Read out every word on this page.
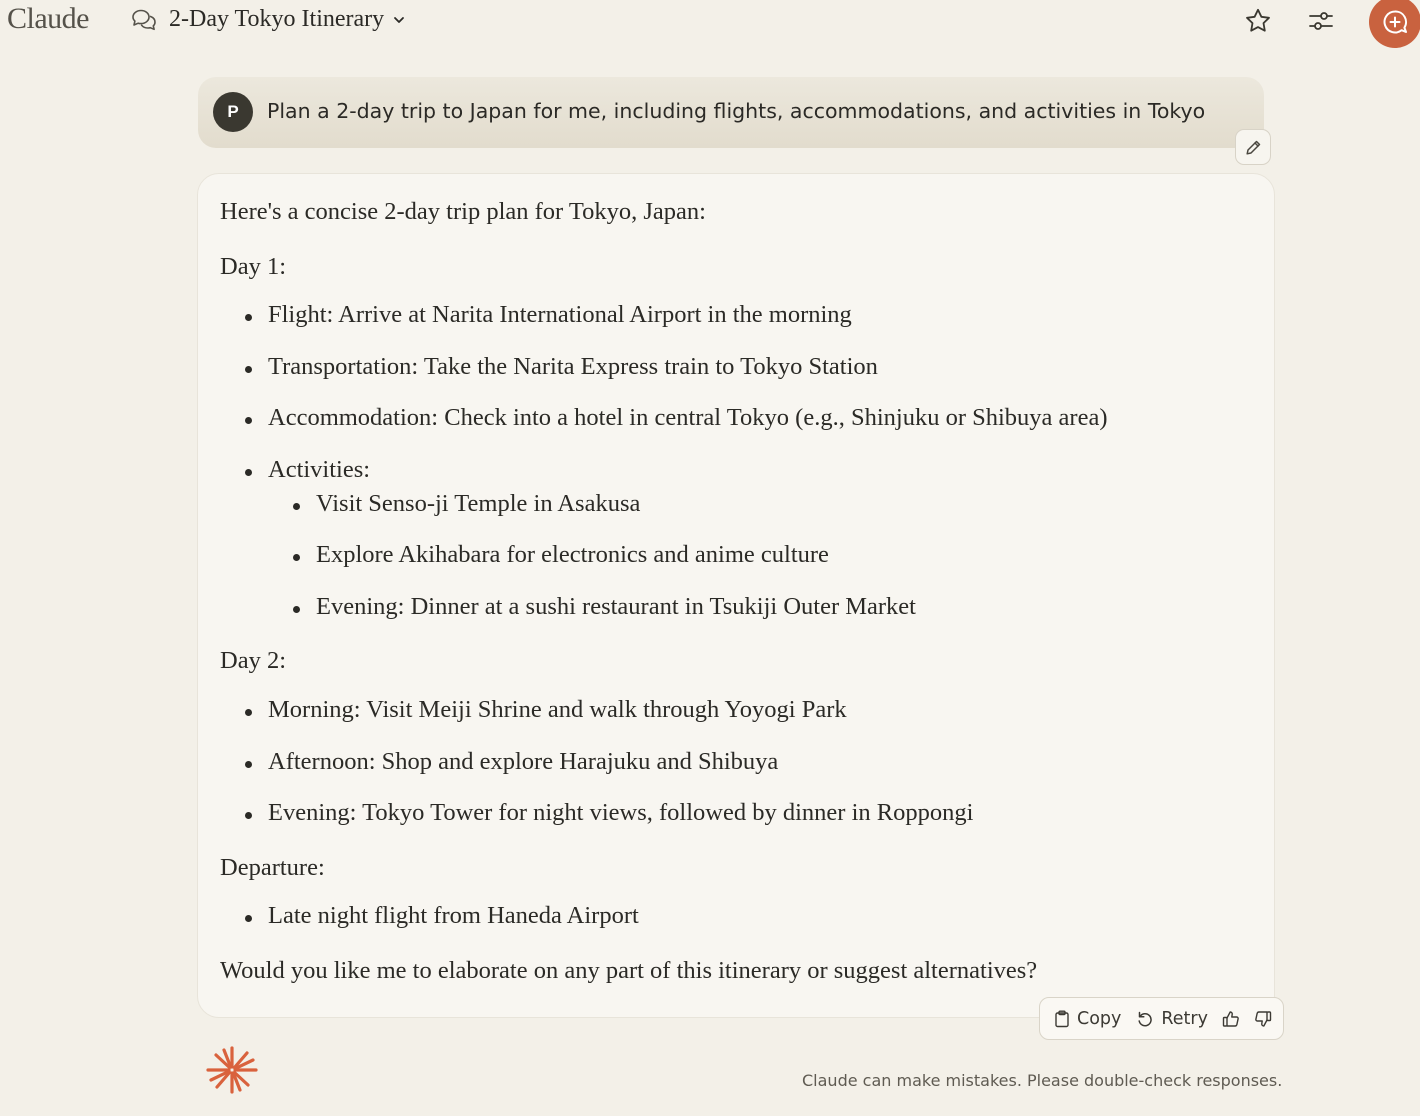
Claude	2-Day Tokyo Itinerary
P	Plan a 2-day trip to Japan for me, including flights, accommodations, and activities in Tokyo
Here's a concise 2-day trip plan for Tokyo, Japan:
Day 1:
Flight: Arrive at Narita International Airport in the morning
Transportation: Take the Narita Express train to Tokyo Station
Accommodation: Check into a hotel in central Tokyo (e.g., Shinjuku or Shibuya area)
Activities:
Visit Senso-ji Temple in Asakusa
Explore Akihabara for electronics and anime culture
Evening: Dinner at a sushi restaurant in Tsukiji Outer Market
Day 2:
Morning: Visit Meiji Shrine and walk through Yoyogi Park
Afternoon: Shop and explore Harajuku and Shibuya
Evening: Tokyo Tower for night views, followed by dinner in Roppongi
Departure:
Late night flight from Haneda Airport
Would you like me to elaborate on any part of this itinerary or suggest alternatives?
Copy Retry
Claude can make mistakes. Please double-check responses.
